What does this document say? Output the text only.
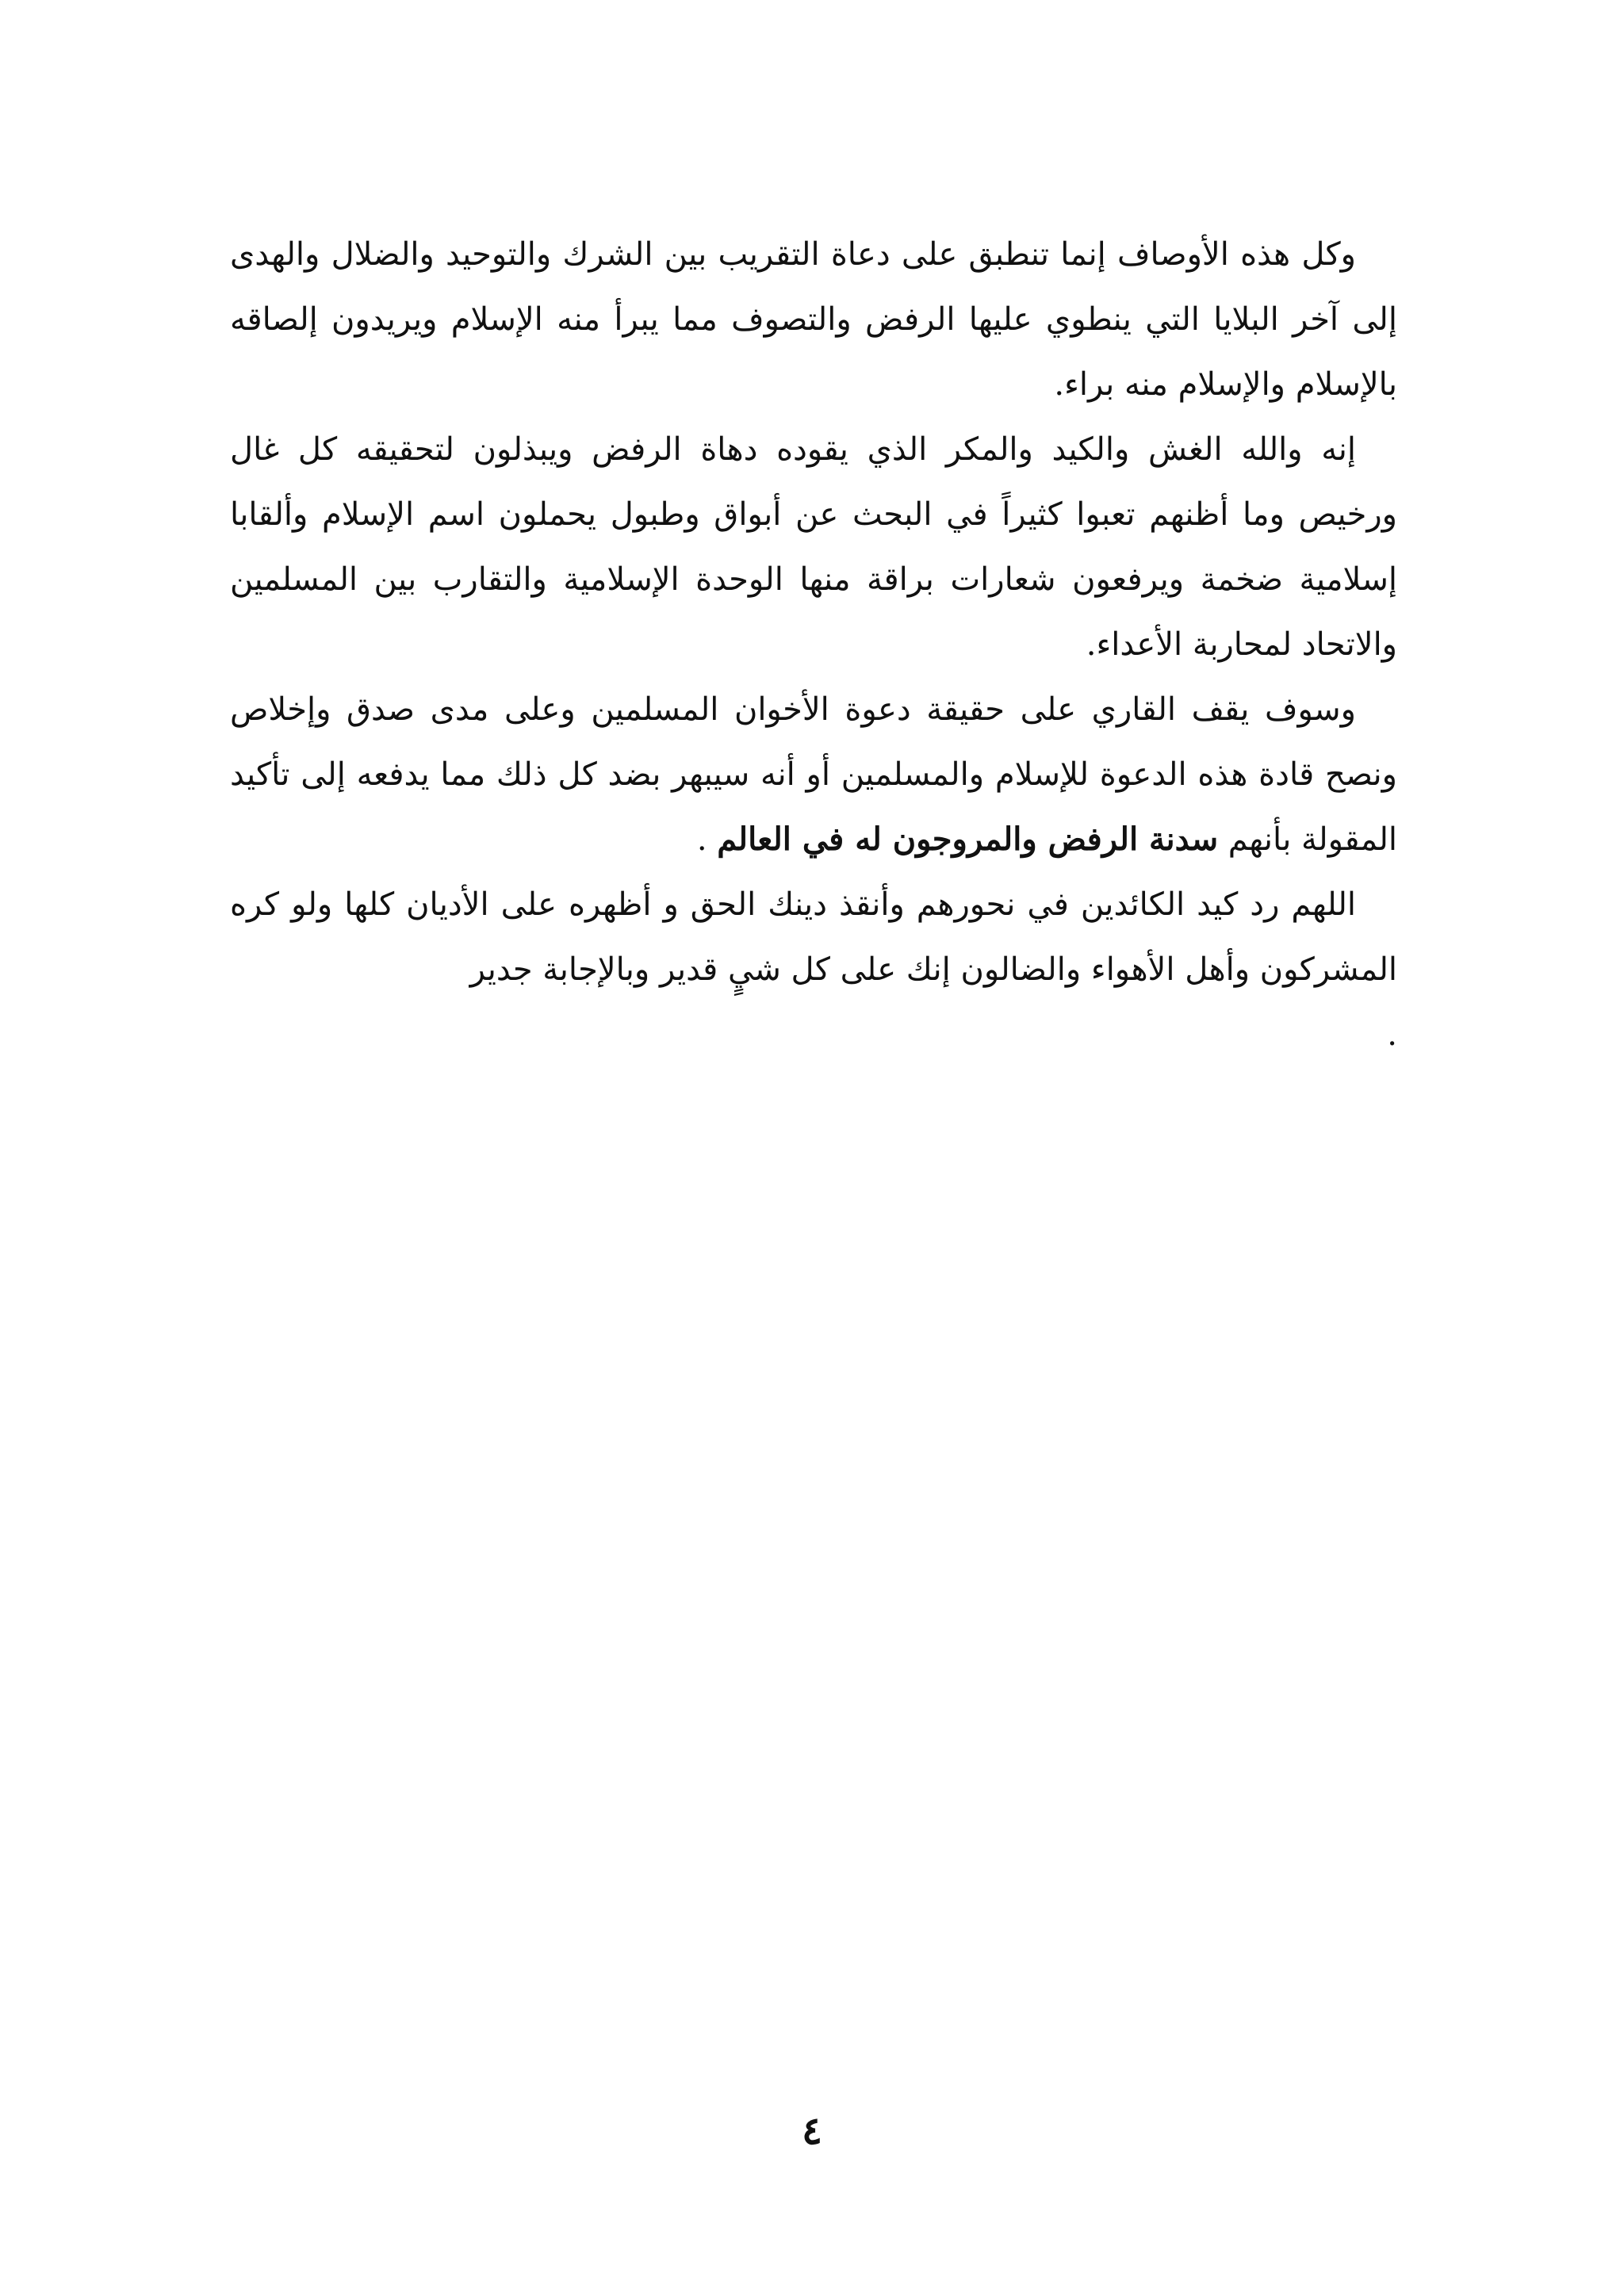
وكل هذه الأوصاف إنما تنطبق على دعاة التقريب بين الشرك والتوحيد والضلال والهدى إلى آخر البلايا التي ينطوي عليها الرفض والتصوف مما يبرأ منه الإسلام ويريدون إلصاقه بالإسلام والإسلام منه براء.

إنه والله الغش والكيد والمكر الذي يقوده دهاة الرفض ويبذلون لتحقيقه كل غال ورخيص وما أظنهم تعبوا كثيراً في البحث عن أبواق وطبول يحملون اسم الإسلام وألقابا إسلامية ضخمة ويرفعون شعارات براقة منها الوحدة الإسلامية والتقارب بين المسلمين والاتحاد لمحاربة الأعداء.

وسوف يقف القاري على حقيقة دعوة الأخوان المسلمين وعلى مدى صدق وإخلاص ونصح قادة هذه الدعوة للإسلام والمسلمين أو أنه سيبهر بضد كل ذلك مما يدفعه إلى تأكيد المقولة بأنهم سدنة الرفض والمروجون له في العالم .

اللهم رد كيد الكائدين في نحورهم وأنقذ دينك الحق و أظهره على الأديان كلها ولو كره المشركون وأهل الأهواء والضالون إنك على كل شيٍ قدير وبالإجابة جدير

.

٤
